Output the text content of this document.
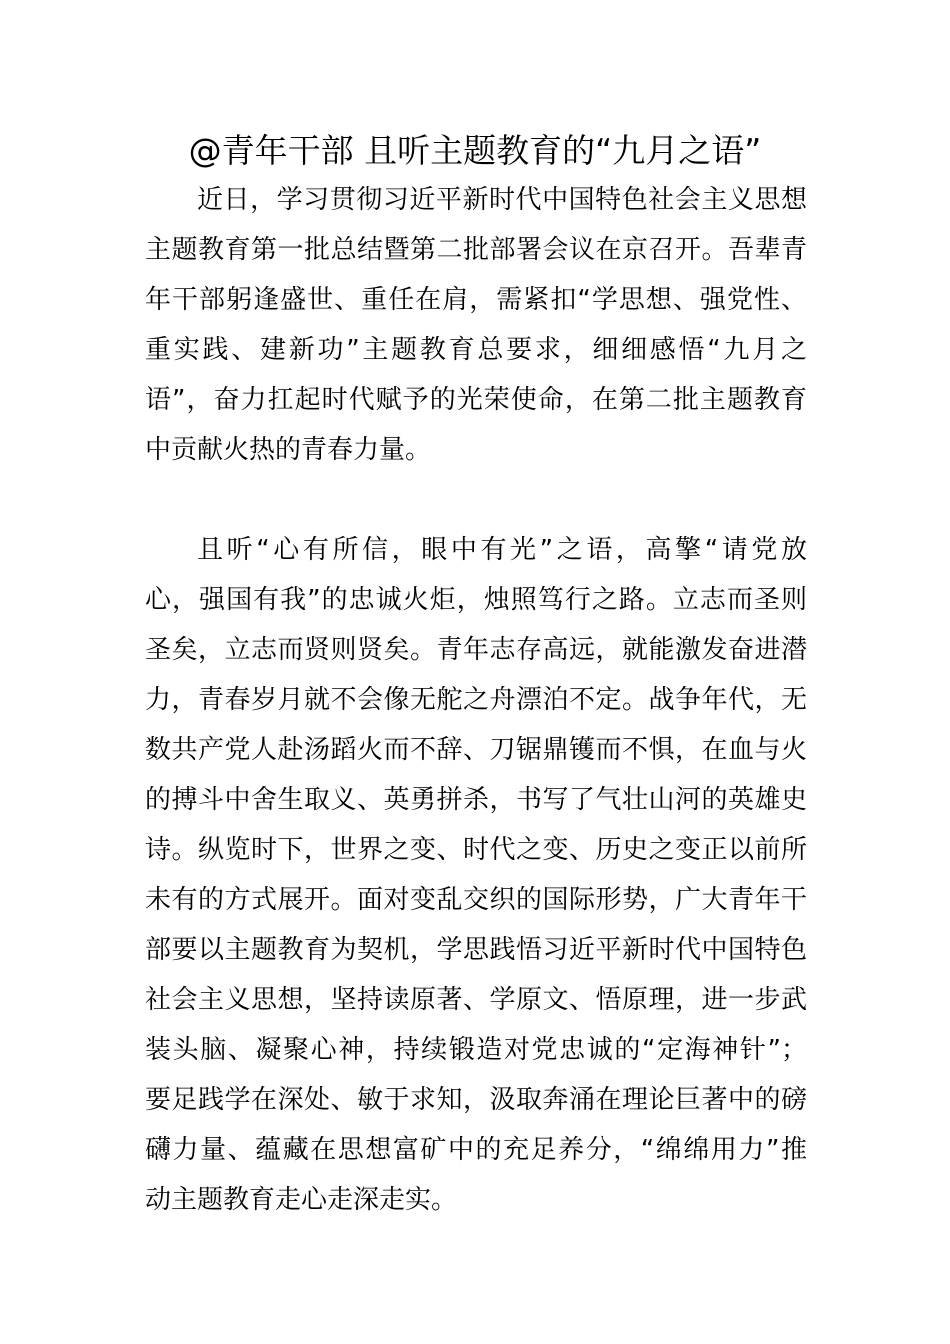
@青年干部 且听主题教育的“九月之语”
近日，学习贯彻习近平新时代中国特色社会主义思想
主题教育第一批总结暨第二批部署会议在京召开。吾辈青
年干部躬逢盛世、重任在肩，需紧扣“学思想、强党性、
重实践、建新功”主题教育总要求，细细感悟“九月之
语”，奋力扛起时代赋予的光荣使命，在第二批主题教育
中贡献火热的青春力量。
且听“心有所信，眼中有光”之语，高擎“请党放
心，强国有我”的忠诚火炬，烛照笃行之路。立志而圣则
圣矣，立志而贤则贤矣。青年志存高远，就能激发奋进潜
力，青春岁月就不会像无舵之舟漂泊不定。战争年代，无
数共产党人赴汤蹈火而不辞、刀锯鼎镬而不惧，在血与火
的搏斗中舍生取义、英勇拼杀，书写了气壮山河的英雄史
诗。纵览时下，世界之变、时代之变、历史之变正以前所
未有的方式展开。面对变乱交织的国际形势，广大青年干
部要以主题教育为契机，学思践悟习近平新时代中国特色
社会主义思想，坚持读原著、学原文、悟原理，进一步武
装头脑、凝聚心神，持续锻造对党忠诚的“定海神针”；
要足践学在深处、敏于求知，汲取奔涌在理论巨著中的磅
礴力量、蕴藏在思想富矿中的充足养分，“绵绵用力”推
动主题教育走心走深走实。
